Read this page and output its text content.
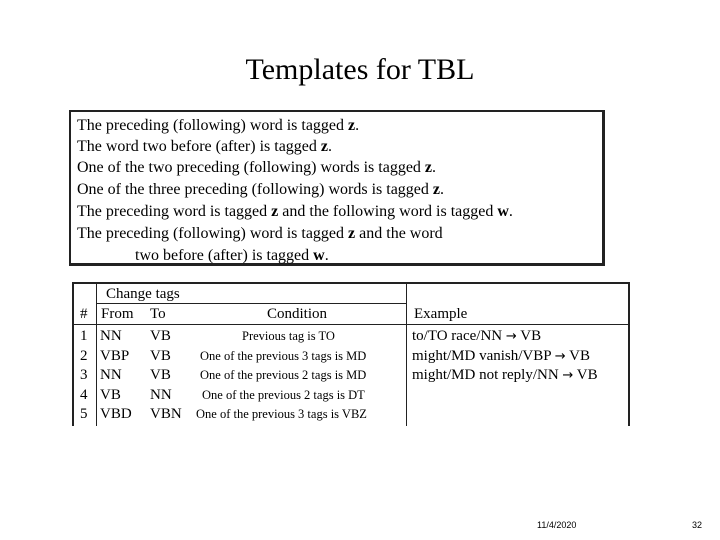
Templates for TBL
The preceding (following) word is tagged z.
The word two before (after) is tagged z.
One of the two preceding (following) words is tagged z.
One of the three preceding (following) words is tagged z.
The preceding word is tagged z and the following word is tagged w.
The preceding (following) word is tagged z and the word
two before (after) is tagged w.
Change tags
# From To	Condition	Example
1 NN VB	Previous tag is TO	to/TO race/NN → VB
2 VBP VB One of the previous 3 tags is MD	might/MD vanish/VBP → VB
3 NN VB One of the previous 2 tags is MD	might/MD not reply/NN → VB
4 VB NN One of the previous 2 tags is DT
5 VBD VBN One of the previous 3 tags is VBZ
11/4/2020	32
